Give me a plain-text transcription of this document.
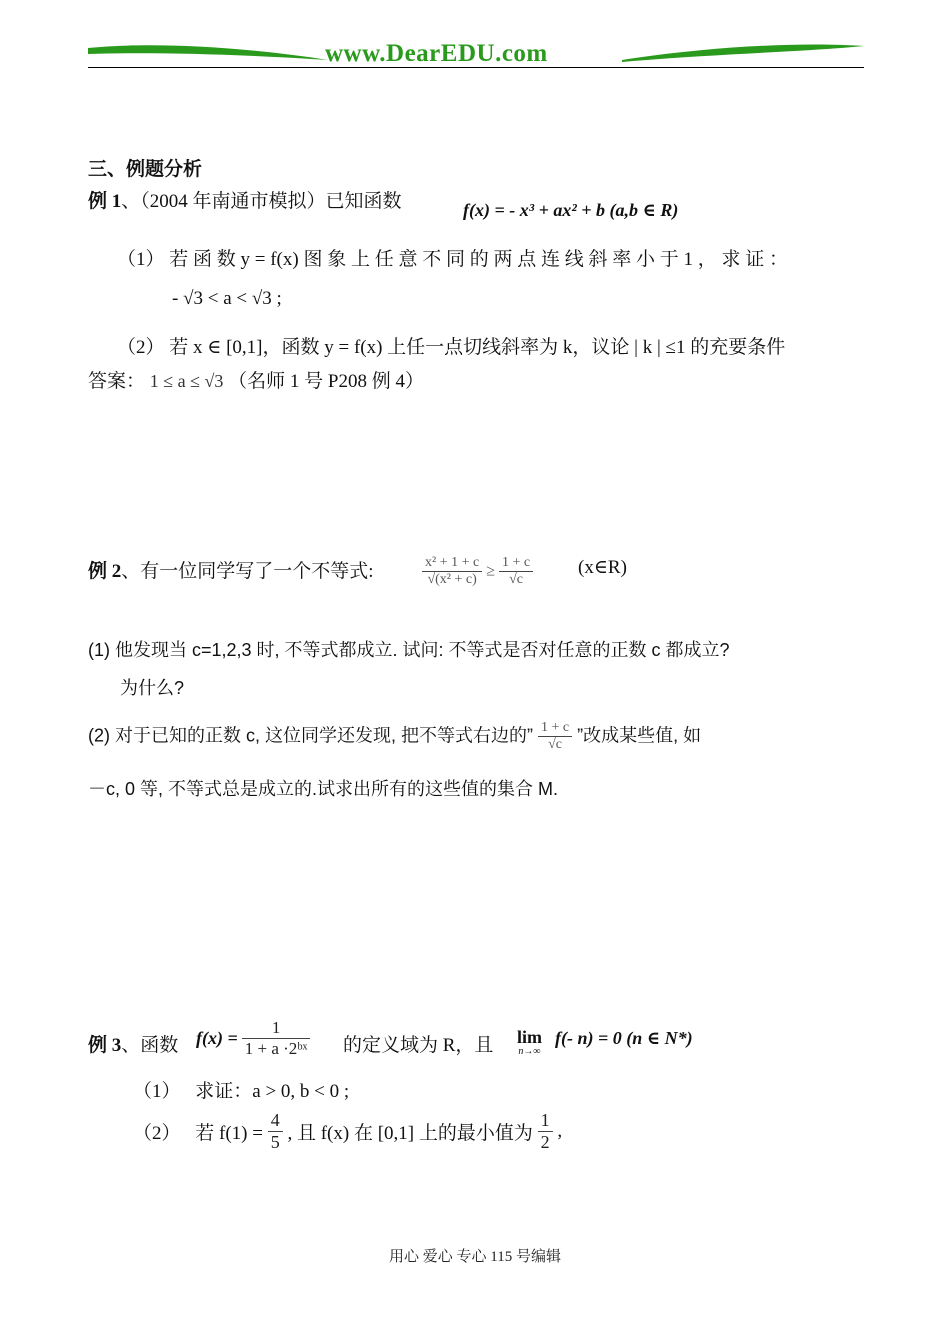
www.DearEDU.com
三、例题分析
例 1、（2004 年南通市模拟）已知函数	f(x) = - x³ + ax² + b (a,b ∈ R)
（1） 若 函 数 y = f(x) 图 象 上 任 意 不 同 的 两 点 连 线 斜 率 小 于 1 ， 求 证 ：
- √3 < a < √3 ;
（2） 若 x ∈ [0,1]，函数 y = f(x) 上任一点切线斜率为 k，议论 | k | ≤1 的充要条件
答案： 1 ≤ a ≤ √3 （名师 1 号 P208 例 4）
例 2、有一位同学写了一个不等式:	$\frac{\text{x² + 1 + c}}{\text{√(x² + c)}} \ge \frac{1 + c}{√c}$ (x∈R)
(1) 他发现当 c=1,2,3 时, 不等式都成立. 试问: 不等式是否对任意的正数 c 都成立?
为什么?
(2) 对于已知的正数 c, 这位同学还发现, 把不等式右边的” $\frac{1 + c}{√c}$ ”改成某些值, 如
－c, 0 等, 不等式总是成立的.试求出所有的这些值的集合 M.
例 3、函数 $f(x) = \frac{1}{\text{1 + a ·2ᵇˣ}}$ 的定义域为 R，且 lim
n→∞
f(- n) = 0 (n ∈ N*)
（1） 求证：a > 0, b < 0 ;
（2） 若 $f(1) = \frac{4}{5}$ , 且 f(x) 在 [0,1] 上的最小值为 $\frac{1}{2}$ ,
用心 爱心 专心 115 号编辑
